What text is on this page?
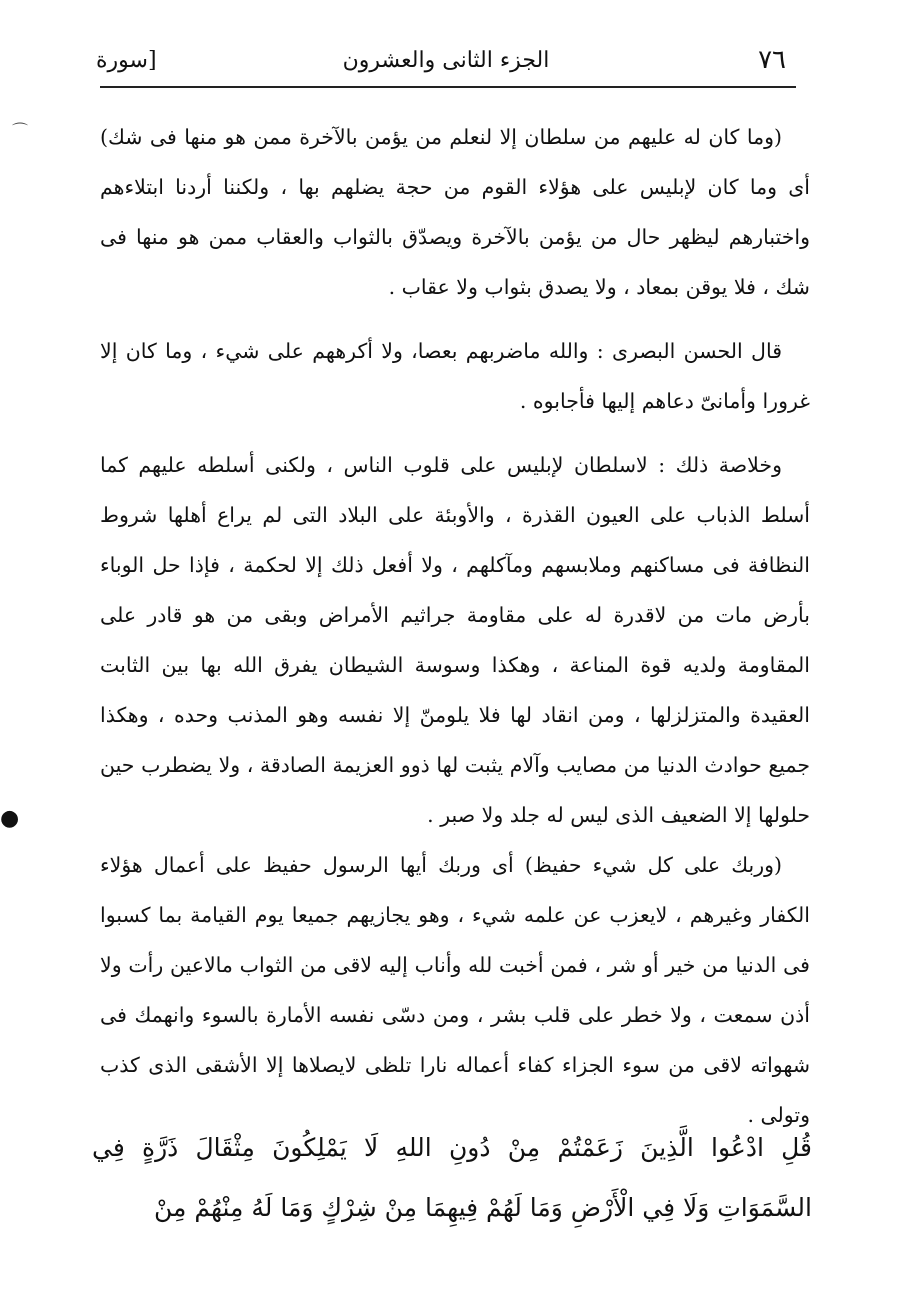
٧٦
الجزء الثانى والعشرون
[سورة

(وما كان له عليهم من سلطان إلا لنعلم من يؤمن بالآخرة ممن هو منها فى شك) أى وما كان لإبليس على هؤلاء القوم من حجة يضلهم بها ، ولكننا أردنا ابتلاءهم واختبارهم ليظهر حال من يؤمن بالآخرة ويصدّق بالثواب والعقاب ممن هو منها فى شك ، فلا يوقن بمعاد ، ولا يصدق بثواب ولا عقاب .

قال الحسن البصرى : والله ماضربهم بعصا، ولا أكرههم على شيء ، وما كان إلا غرورا وأمانىّ دعاهم إليها فأجابوه .

وخلاصة ذلك : لاسلطان لإبليس على قلوب الناس ، ولكنى أسلطه عليهم كما أسلط الذباب على العيون القذرة ، والأوبئة على البلاد التى لم يراع أهلها شروط النظافة فى مساكنهم وملابسهم ومآكلهم ، ولا أفعل ذلك إلا لحكمة ، فإذا حل الوباء بأرض مات من لاقدرة له على مقاومة جراثيم الأمراض وبقى من هو قادر على المقاومة ولديه قوة المناعة ، وهكذا وسوسة الشيطان يفرق الله بها بين الثابت العقيدة والمتزلزلها ، ومن انقاد لها فلا يلومنّ إلا نفسه وهو المذنب وحده ، وهكذا جميع حوادث الدنيا من مصايب وآلام يثبت لها ذوو العزيمة الصادقة ، ولا يضطرب حين حلولها إلا الضعيف الذى ليس له جلد ولا صبر .

(وربك على كل شيء حفيظ) أى وربك أيها الرسول حفيظ على أعمال هؤلاء الكفار وغيرهم ، لايعزب عن علمه شيء ، وهو يجازيهم جميعا يوم القيامة بما كسبوا فى الدنيا من خير أو شر ، فمن أخبت لله وأناب إليه لاقى من الثواب مالاعين رأت ولا أذن سمعت ، ولا خطر على قلب بشر ، ومن دسّى نفسه الأمارة بالسوء وانهمك فى شهواته لاقى من سوء الجزاء كفاء أعماله نارا تلظى لايصلاها إلا الأشقى الذى كذب وتولى .

قُلِ ادْعُوا الَّذِينَ زَعَمْتُمْ مِنْ دُونِ اللهِ لَا يَمْلِكُونَ مِثْقَالَ ذَرَّةٍ فِي السَّمَوَاتِ وَلَا فِي الْأَرْضِ وَمَا لَهُمْ فِيهِمَا مِنْ شِرْكٍ وَمَا لَهُ مِنْهُمْ مِنْ

⌒
●
